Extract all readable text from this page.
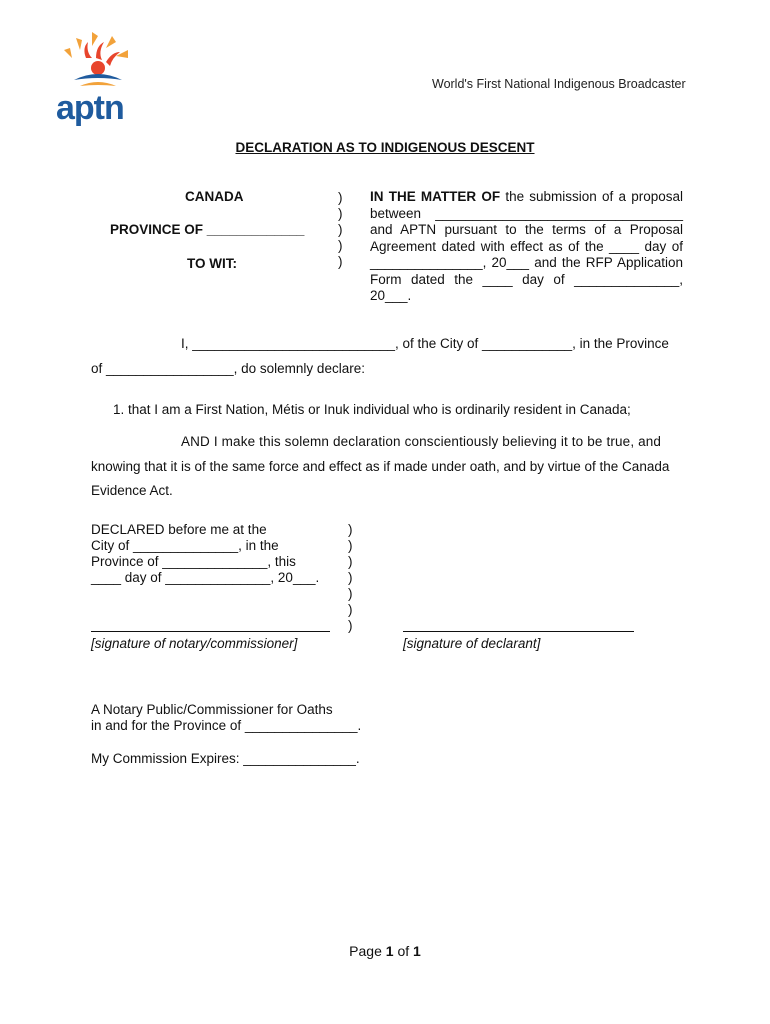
aptn
World's First National Indigenous Broadcaster
DECLARATION AS TO INDIGENOUS DESCENT
CANADA
PROVINCE OF _____________
TO WIT:
)
)
)
)
)
IN THE MATTER OF the submission of a proposal between _________________________________ and APTN pursuant to the terms of a Proposal Agreement dated with effect as of the ____ day of _______________, 20___ and the RFP Application Form dated the ____ day of ______________, 20___.
I, ___________________________, of the City of ____________, in the Province
of _________________, do solemnly declare:
1. that I am a First Nation, Métis or Inuk individual who is ordinarily resident in Canada;
AND I make this solemn declaration conscientiously believing it to be true, and
knowing that it is of the same force and effect as if made under oath, and by virtue of the Canada
Evidence Act.
DECLARED before me at the
City of ______________, in the
Province of ______________, this
____ day of ______________, 20___.
)
)
)
)
)
)
)
[signature of notary/commissioner]	[signature of declarant]
A Notary Public/Commissioner for Oaths
in and for the Province of _______________.
My Commission Expires: _______________.
Page 1 of 1
